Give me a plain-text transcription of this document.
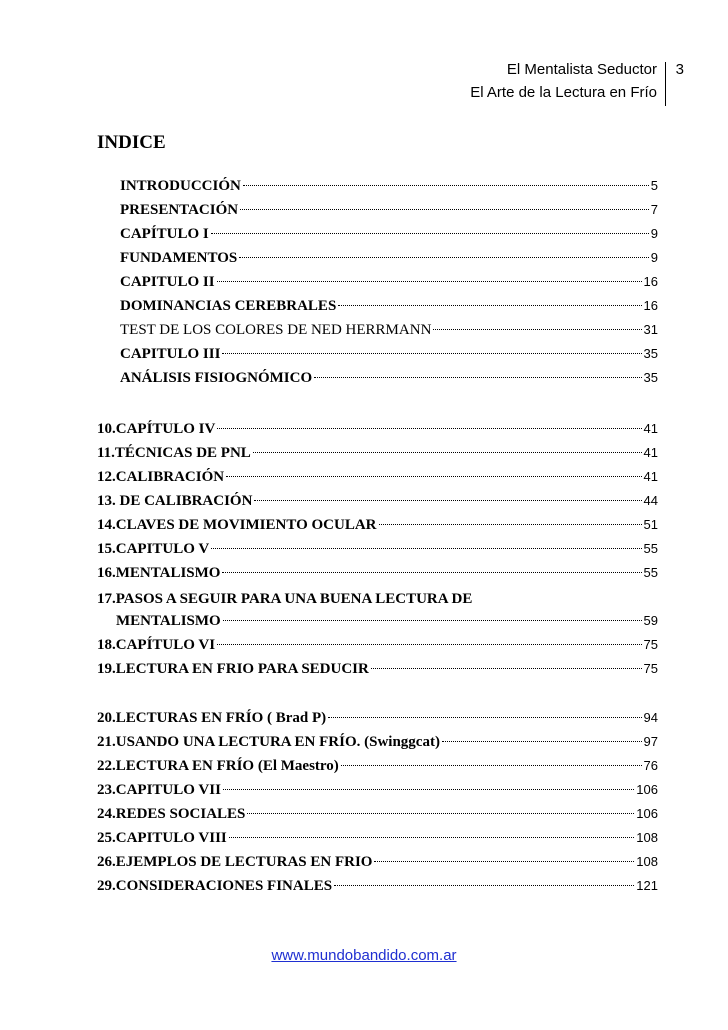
El Mentalista Seductor
El Arte de la Lectura en Frío
3
INDICE
INTRODUCCIÓN	5
PRESENTACIÓN	7
CAPÍTULO I	9
FUNDAMENTOS	9
CAPITULO II	16
DOMINANCIAS CEREBRALES	16
TEST DE LOS COLORES DE NED HERRMANN	31
CAPITULO III	35
ANÁLISIS FISIOGNÓMICO	35
10.CAPÍTULO IV	41
11.TÉCNICAS DE PNL	41
12.CALIBRACIÓN	41
13. DE CALIBRACIÓN	44
14.CLAVES DE MOVIMIENTO OCULAR	51
15.CAPITULO V	55
16.MENTALISMO	55
17.PASOS A SEGUIR PARA UNA BUENA LECTURA DE
MENTALISMO	59
18.CAPÍTULO VI	75
19.LECTURA EN FRIO PARA SEDUCIR	75
20.LECTURAS EN FRÍO ( Brad P)	94
21.USANDO UNA LECTURA EN FRÍO. (Swinggcat)	97
22.LECTURA EN FRÍO (El Maestro)	76
23.CAPITULO VII	106
24.REDES SOCIALES	106
25.CAPITULO VIII	108
26.EJEMPLOS DE LECTURAS EN FRIO	108
29.CONSIDERACIONES FINALES	121
www.mundobandido.com.ar
